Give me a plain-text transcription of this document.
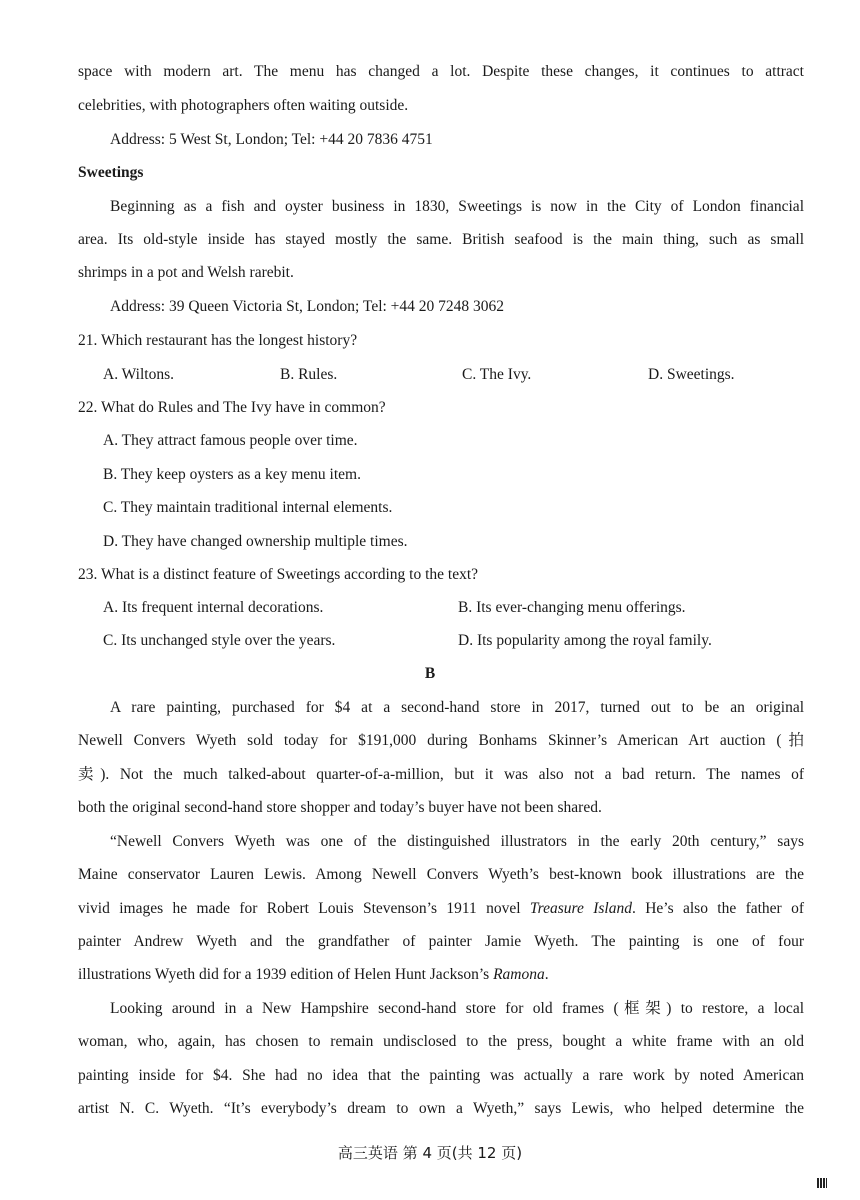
space with modern art. The menu has changed a lot. Despite these changes, it continues to attract
celebrities, with photographers often waiting outside.
Address: 5 West St, London; Tel: +44 20 7836 4751
Sweetings
Beginning as a fish and oyster business in 1830, Sweetings is now in the City of London financial
area. Its old-style inside has stayed mostly the same. British seafood is the main thing, such as small
shrimps in a pot and Welsh rarebit.
Address: 39 Queen Victoria St, London; Tel: +44 20 7248 3062
21. Which restaurant has the longest history?
A. Wiltons.	B. Rules.	C. The Ivy.	D. Sweetings.
22. What do Rules and The Ivy have in common?
A. They attract famous people over time.
B. They keep oysters as a key menu item.
C. They maintain traditional internal elements.
D. They have changed ownership multiple times.
23. What is a distinct feature of Sweetings according to the text?
A. Its frequent internal decorations.	B. Its ever-changing menu offerings.
C. Its unchanged style over the years.	D. Its popularity among the royal family.
B
A rare painting, purchased for $4 at a second-hand store in 2017, turned out to be an original
Newell Convers Wyeth sold today for $191,000 during Bonhams Skinner’s American Art auction (拍
卖). Not the much talked-about quarter-of-a-million, but it was also not a bad return. The names of
both the original second-hand store shopper and today’s buyer have not been shared.
“Newell Convers Wyeth was one of the distinguished illustrators in the early 20th century,” says
Maine conservator Lauren Lewis. Among Newell Convers Wyeth’s best-known book illustrations are the
vivid images he made for Robert Louis Stevenson’s 1911 novel Treasure Island. He’s also the father of
painter Andrew Wyeth and the grandfather of painter Jamie Wyeth. The painting is one of four
illustrations Wyeth did for a 1939 edition of Helen Hunt Jackson’s Ramona.
Looking around in a New Hampshire second-hand store for old frames (框架) to restore, a local
woman, who, again, has chosen to remain undisclosed to the press, bought a white frame with an old
painting inside for $4. She had no idea that the painting was actually a rare work by noted American
artist N. C. Wyeth. “It’s everybody’s dream to own a Wyeth,” says Lewis, who helped determine the
高三英语 第 4 页(共 12 页)
